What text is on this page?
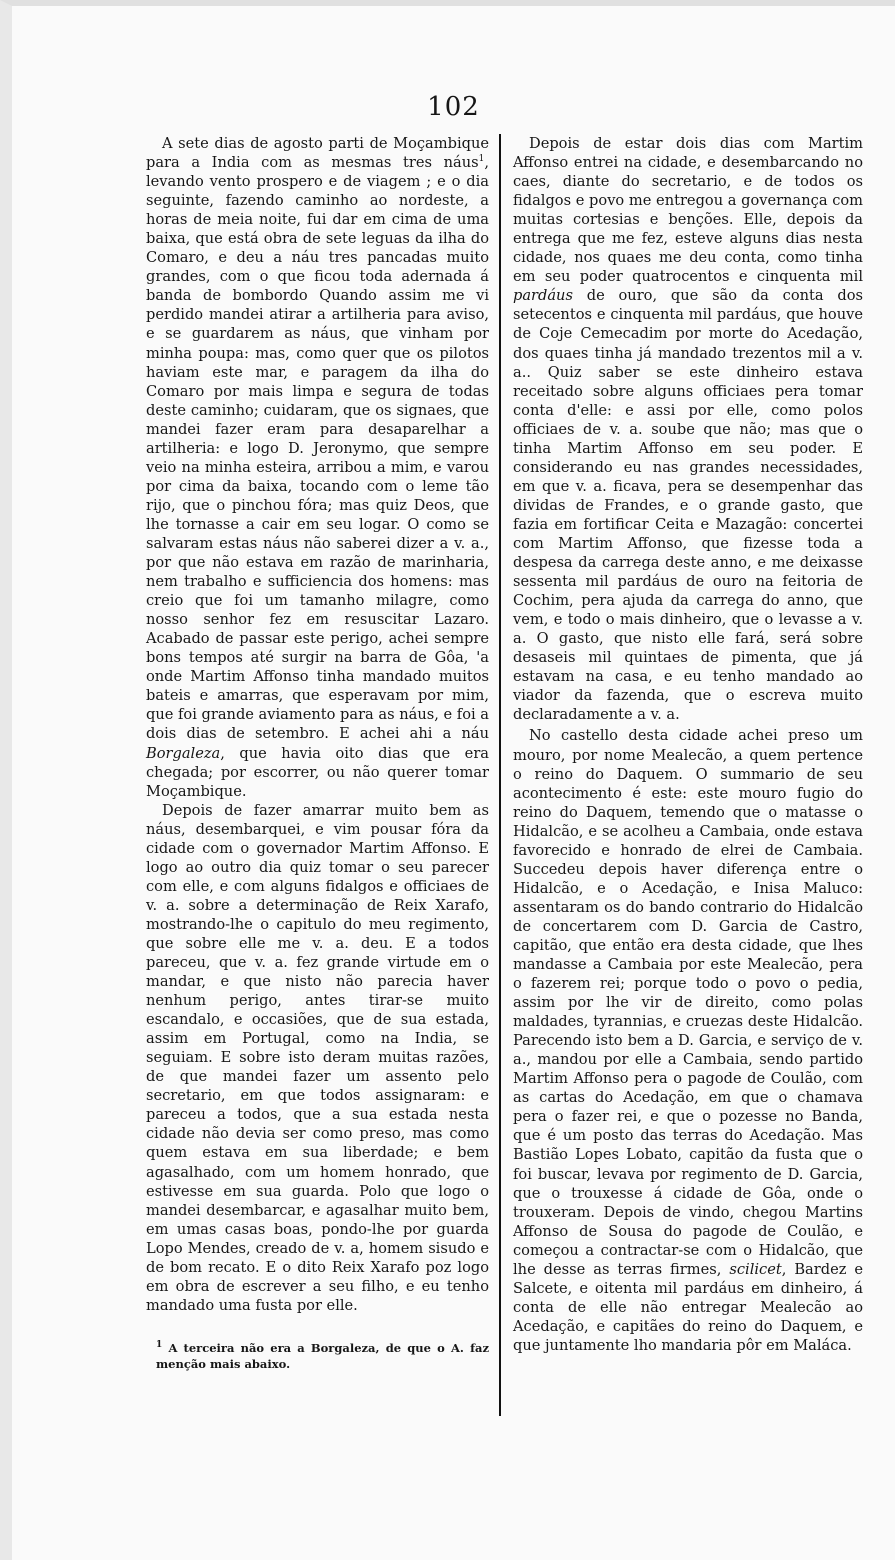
102

A sete dias de agosto parti de Moçambique para a India com as mesmas tres náus$^1$, levando vento prospero e de viagem ; e o dia seguinte, fazendo caminho ao nordeste, a horas de meia noite, fui dar em cima de uma baixa, que está obra de sete leguas da ilha do Comaro, e deu a náu tres pancadas muito grandes, com o que ficou toda adernada á banda de bombordo Quando assim me vi perdido mandei atirar a artilheria para aviso, e se guardarem as náus, que vinham por minha poupa: mas, como quer que os pilotos haviam este mar, e paragem da ilha do Comaro por mais limpa e segura de todas deste caminho; cuidaram, que os signaes, que mandei fazer eram para desaparelhar a artilheria: e logo D. Jeronymo, que sempre veio na minha esteira, arribou a mim, e varou por cima da baixa, tocando com o leme tão rijo, que o pinchou fóra; mas quiz Deos, que lhe tornasse a cair em seu logar. O como se salvaram estas náus não saberei dizer a v. a., por que não estava em razão de marinharia, nem trabalho e sufficiencia dos homens: mas creio que foi um tamanho milagre, como nosso senhor fez em resuscitar Lazaro. Acabado de passar este perigo, achei sempre bons tempos até surgir na barra de Gôa, 'a onde Martim Affonso tinha mandado muitos bateis e amarras, que esperavam por mim, que foi grande aviamento para as náus, e foi a dois dias de setembro. E achei ahi a náu Borgaleza, que havia oito dias que era chegada; por escorrer, ou não querer tomar Moçambique.

Depois de fazer amarrar muito bem as náus, desembarquei, e vim pousar fóra da cidade com o governador Martim Affonso. E logo ao outro dia quiz tomar o seu parecer com elle, e com alguns fidalgos e officiaes de v. a. sobre a determinação de Reix Xarafo, mostrando-lhe o capitulo do meu regimento, que sobre elle me v. a. deu. E a todos pareceu, que v. a. fez grande virtude em o mandar, e que nisto não parecia haver nenhum perigo, antes tirar-se muito escandalo, e occasiões, que de sua estada, assim em Portugal, como na India, se seguiam. E sobre isto deram muitas razões, de que mandei fazer um assento pelo secretario, em que todos assignaram: e pareceu a todos, que a sua estada nesta cidade não devia ser como preso, mas como quem estava em sua liberdade; e bem agasalhado, com um homem honrado, que estivesse em sua guarda. Polo que logo o mandei desembarcar, e agasalhar muito bem, em umas casas boas, pondo-lhe por guarda Lopo Mendes, creado de v. a, homem sisudo e de bom recato. E o dito Reix Xarafo poz logo em obra de escrever a seu filho, e eu tenho mandado uma fusta por elle.

$^1$ A terceira não era a Borgaleza, de que o A. faz menção mais abaixo.

Depois de estar dois dias com Martim Affonso entrei na cidade, e desembarcando no caes, diante do secretario, e de todos os fidalgos e povo me entregou a governança com muitas cortesias e benções. Elle, depois da entrega que me fez, esteve alguns dias nesta cidade, nos quaes me deu conta, como tinha em seu poder quatrocentos e cinquenta mil pardáus de ouro, que são da conta dos setecentos e cinquenta mil pardáus, que houve de Coje Cemecadim por morte do Acedação, dos quaes tinha já mandado trezentos mil a v. a.. Quiz saber se este dinheiro estava receitado sobre alguns officiaes pera tomar conta d'elle: e assi por elle, como polos officiaes de v. a. soube que não; mas que o tinha Martim Affonso em seu poder. E considerando eu nas grandes necessidades, em que v. a. ficava, pera se desempenhar das dividas de Frandes, e o grande gasto, que fazia em fortificar Ceita e Mazagão: concertei com Martim Affonso, que fizesse toda a despesa da carrega deste anno, e me deixasse sessenta mil pardáus de ouro na feitoria de Cochim, pera ajuda da carrega do anno, que vem, e todo o mais dinheiro, que o levasse a v. a. O gasto, que nisto elle fará, será sobre desaseis mil quintaes de pimenta, que já estavam na casa, e eu tenho mandado ao viador da fazenda, que o escreva muito declaradamente a v. a.

No castello desta cidade achei preso um mouro, por nome Mealecão, a quem pertence o reino do Daquem. O summario de seu acontecimento é este: este mouro fugio do reino do Daquem, temendo que o matasse o Hidalcão, e se acolheu a Cambaia, onde estava favorecido e honrado de elrei de Cambaia. Succedeu depois haver diferença entre o Hidalcão, e o Acedação, e Inisa Maluco: assentaram os do bando contrario do Hidalcão de concertarem com D. Garcia de Castro, capitão, que então era desta cidade, que lhes mandasse a Cambaia por este Mealecão, pera o fazerem rei; porque todo o povo o pedia, assim por lhe vir de direito, como polas maldades, tyrannias, e cruezas deste Hidalcão. Parecendo isto bem a D. Garcia, e serviço de v. a., mandou por elle a Cambaia, sendo partido Martim Affonso pera o pagode de Coulão, com as cartas do Acedação, em que o chamava pera o fazer rei, e que o pozesse no Banda, que é um posto das terras do Acedação. Mas Bastião Lopes Lobato, capitão da fusta que o foi buscar, levava por regimento de D. Garcia, que o trouxesse á cidade de Gôa, onde o trouxeram. Depois de vindo, chegou Martins Affonso de Sousa do pagode de Coulão, e começou a contractar-se com o Hidalcão, que lhe desse as terras firmes, scilicet, Bardez e Salcete, e oitenta mil pardáus em dinheiro, á conta de elle não entregar Mealecão ao Acedação, e capitães do reino do Daquem, e que juntamente lho mandaria pôr em Maláca.
